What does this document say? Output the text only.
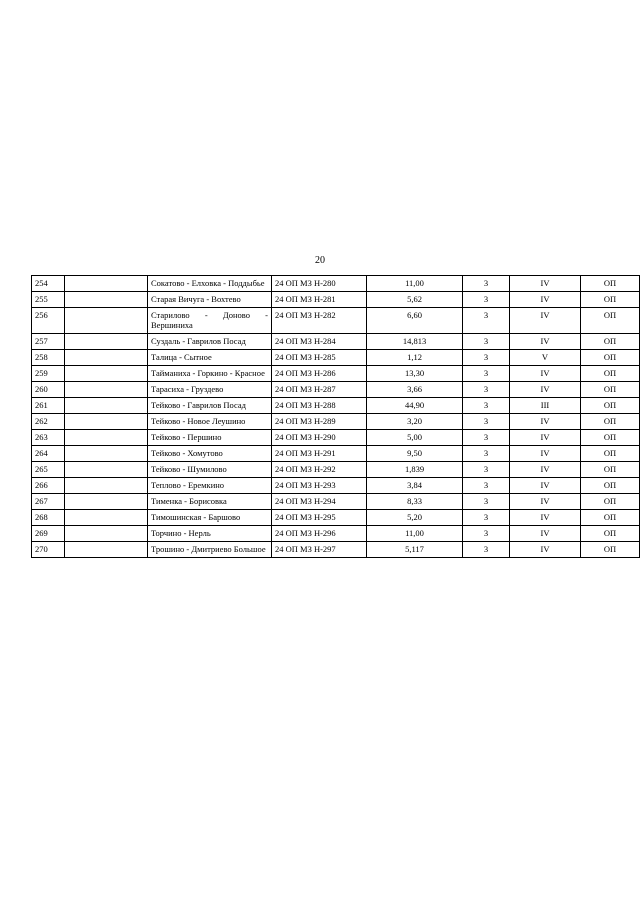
20
254		Сокатово - Елховка - Поддыбье	24 ОП МЗ Н-280	11,00	3	IV	ОП	
255		Старая Вичуга - Вохтево	24 ОП МЗ Н-281	5,62	3	IV	ОП	
256		Старилово - Доново - Вершиниха	24 ОП МЗ Н-282	6,60	3	IV	ОП	
257		Суздаль - Гаврилов Посад	24 ОП МЗ Н-284	14,813	3	IV	ОП	
258		Талица - Сытное	24 ОП МЗ Н-285	1,12	3	V	ОП	
259		Тайманиха - Горкино - Красное	24 ОП МЗ Н-286	13,30	3	IV	ОП	
260		Тарасиха - Груздево	24 ОП МЗ Н-287	3,66	3	IV	ОП	
261		Тейково - Гаврилов Посад	24 ОП МЗ Н-288	44,90	3	III	ОП	
262		Тейково - Новое Леушино	24 ОП МЗ Н-289	3,20	3	IV	ОП	
263		Тейково - Першино	24 ОП МЗ Н-290	5,00	3	IV	ОП	
264		Тейково - Хомутово	24 ОП МЗ Н-291	9,50	3	IV	ОП	
265		Тейково - Шумилово	24 ОП МЗ Н-292	1,839	3	IV	ОП	
266		Теплово - Еремкино	24 ОП МЗ Н-293	3,84	3	IV	ОП	
267		Тименка - Борисовка	24 ОП МЗ Н-294	8,33	3	IV	ОП	
268		Тимошинская - Баршово	24 ОП МЗ Н-295	5,20	3	IV	ОП	
269		Торчино - Нерль	24 ОП МЗ Н-296	11,00	3	IV	ОП	
270		Трошино - Дмитриево Большое	24 ОП МЗ Н-297	5,117	3	IV	ОП	
